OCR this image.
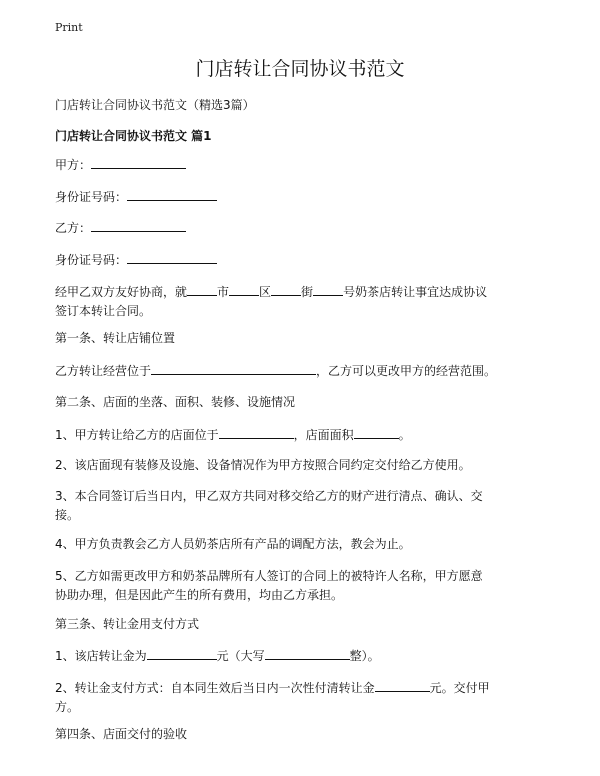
Print
门店转让合同协议书范文
门店转让合同协议书范文（精选3篇）
门店转让合同协议书范文 篇1

甲方：

身份证号码：

乙方：

身份证号码：

经甲乙双方友好协商，就	市	区	街	号奶茶店转让事宜达成协议
签订本转让合同。

第一条、转让店铺位置

乙方转让经营位于	，乙方可以更改甲方的经营范围。

第二条、店面的坐落、面积、装修、设施情况

1、甲方转让给乙方的店面位于	，店面面积	。

2、该店面现有装修及设施、设备情况作为甲方按照合同约定交付给乙方使用。

3、本合同签订后当日内，甲乙双方共同对移交给乙方的财产进行清点、确认、交
接。

4、甲方负责教会乙方人员奶茶店所有产品的调配方法，教会为止。

5、乙方如需更改甲方和奶茶品牌所有人签订的合同上的被特许人名称，甲方愿意
协助办理，但是因此产生的所有费用，均由乙方承担。

第三条、转让金用支付方式

1、该店转让金为	元（大写	整）。

2、转让金支付方式：自本同生效后当日内一次性付清转让金	元。交付甲
方。

第四条、店面交付的验收
